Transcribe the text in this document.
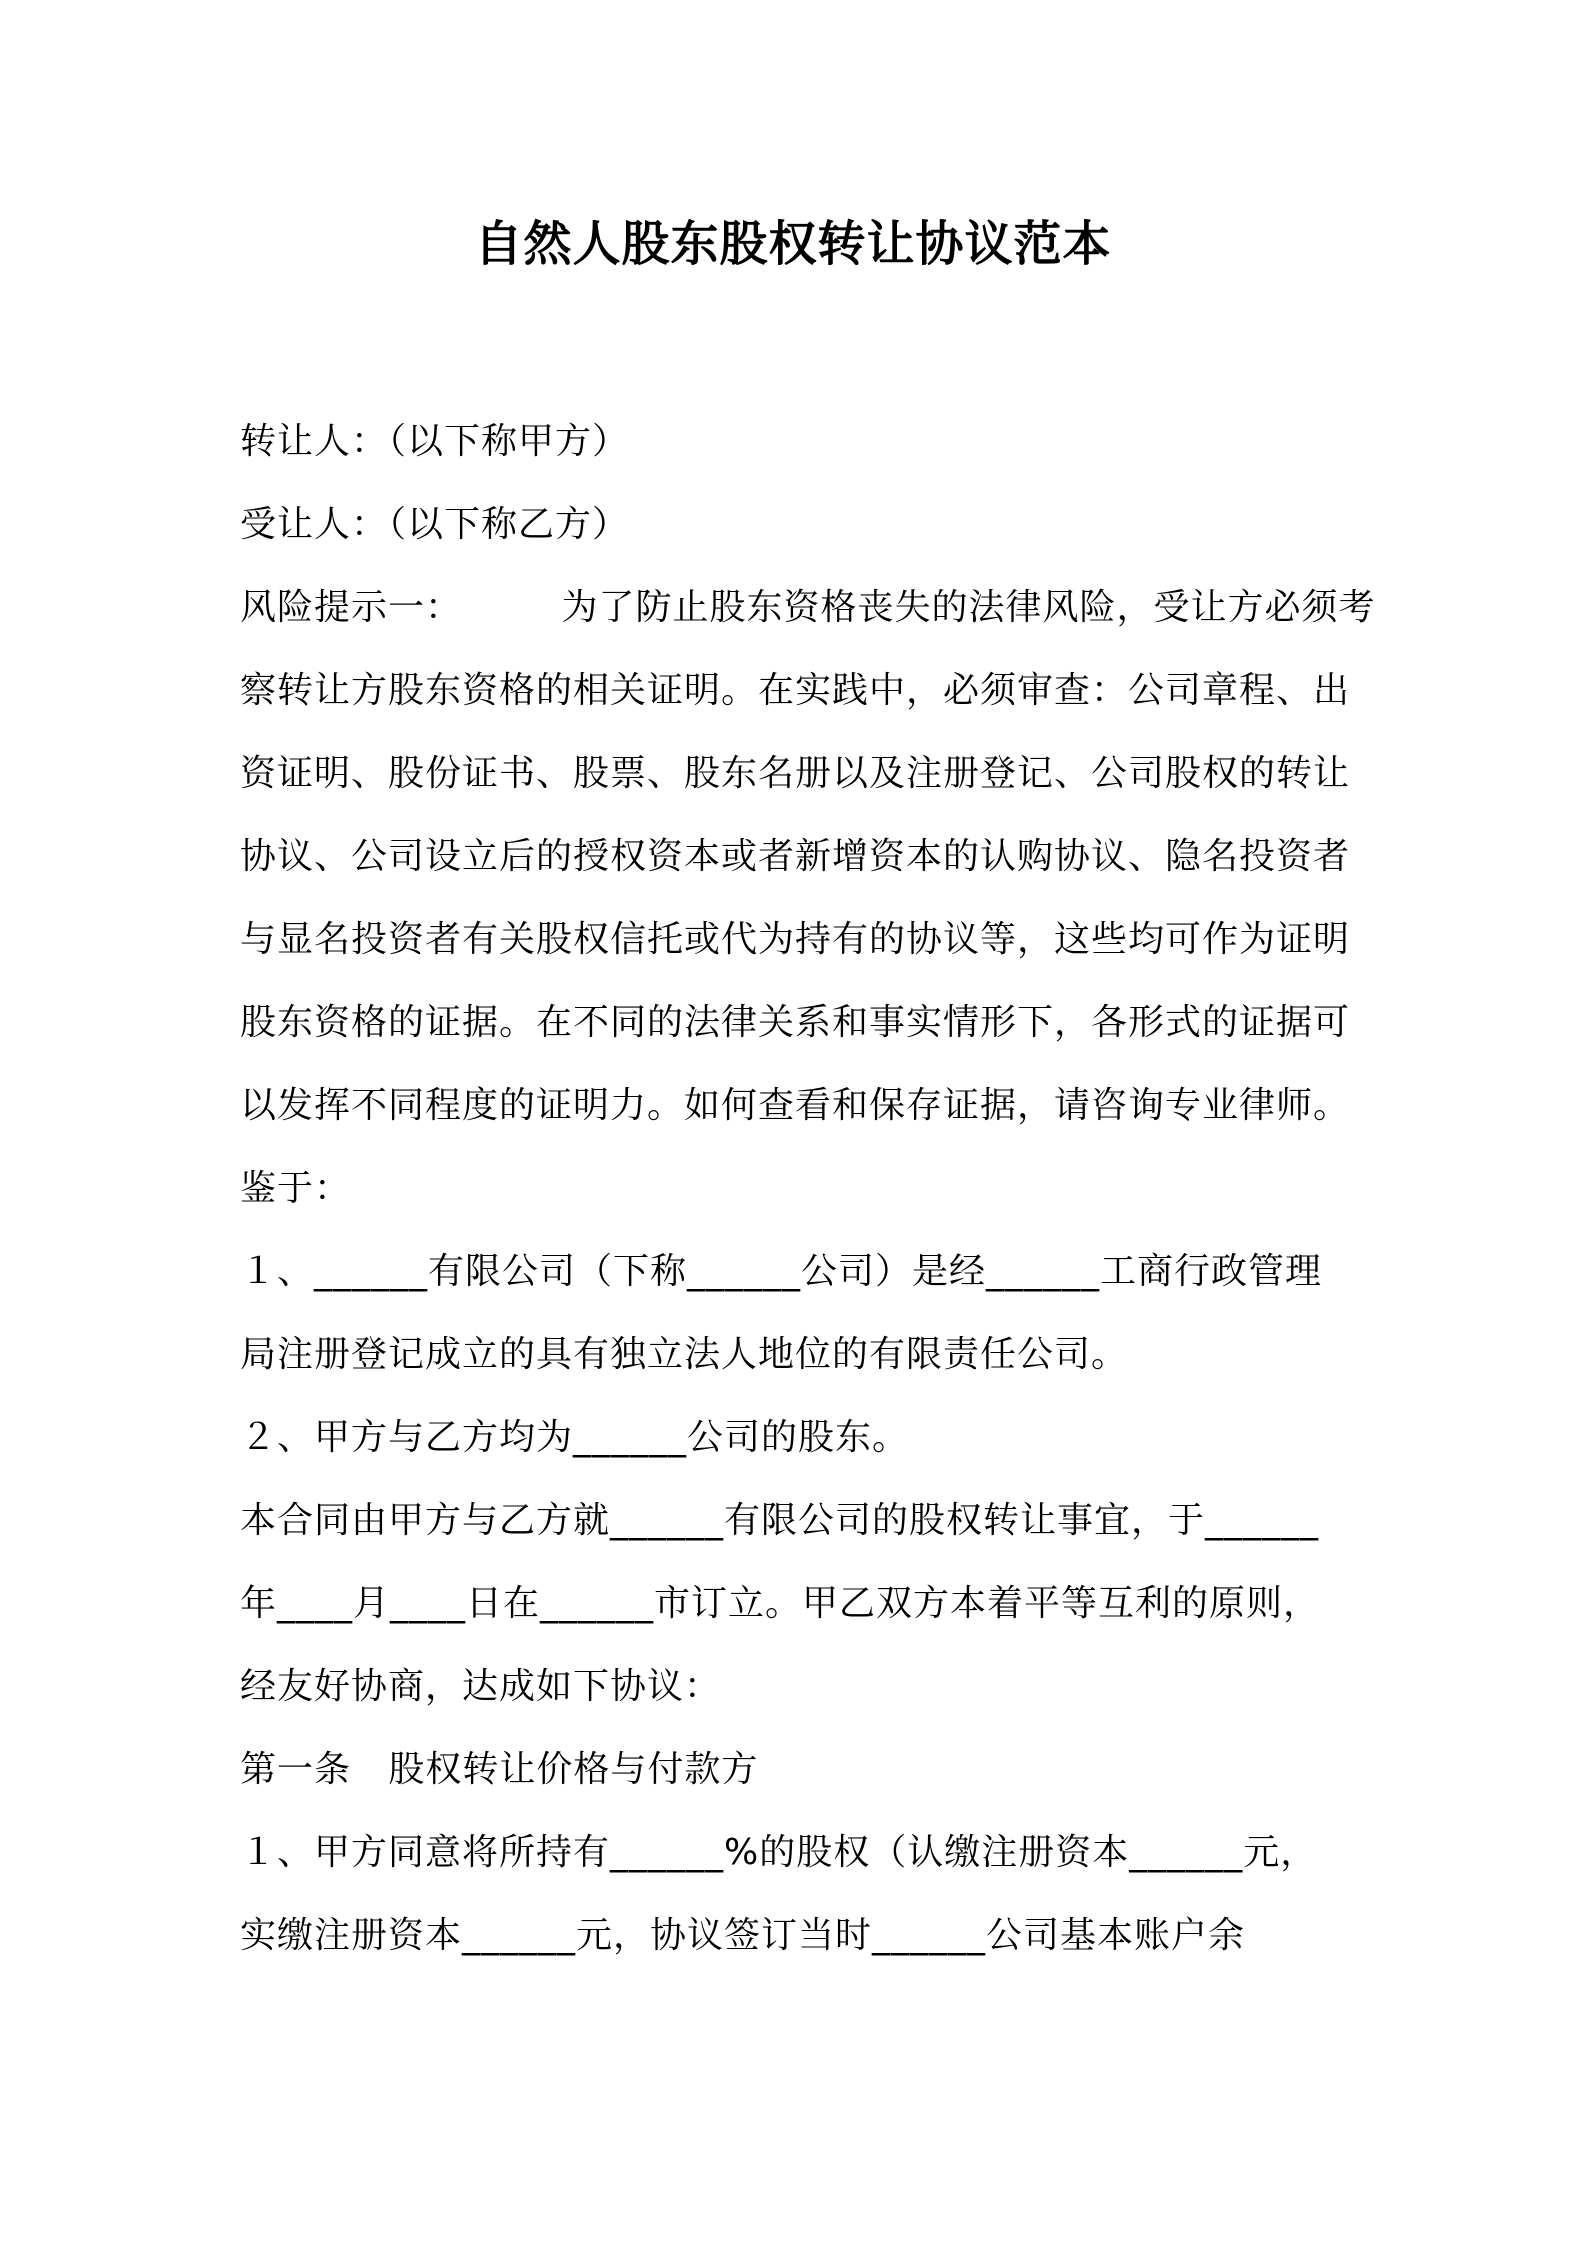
自然人股东股权转让协议范本
转让人：（以下称甲方）
受让人：（以下称乙方）
风险提示一：        为了防止股东资格丧失的法律风险，受让方必须考
察转让方股东资格的相关证明。在实践中，必须审查：公司章程、出
资证明、股份证书、股票、股东名册以及注册登记、公司股权的转让
协议、公司设立后的授权资本或者新增资本的认购协议、隐名投资者
与显名投资者有关股权信托或代为持有的协议等，这些均可作为证明
股东资格的证据。在不同的法律关系和事实情形下，各形式的证据可
以发挥不同程度的证明力。如何查看和保存证据，请咨询专业律师。
鉴于：
１、______有限公司（下称______公司）是经______工商行政管理
局注册登记成立的具有独立法人地位的有限责任公司。
２、甲方与乙方均为______公司的股东。
本合同由甲方与乙方就______有限公司的股权转让事宜，于______
年____月____日在______市订立。甲乙双方本着平等互利的原则，
经友好协商，达成如下协议：
第一条   股权转让价格与付款方
１、甲方同意将所持有______%的股权（认缴注册资本______元，
实缴注册资本______元，协议签订当时______公司基本账户余
